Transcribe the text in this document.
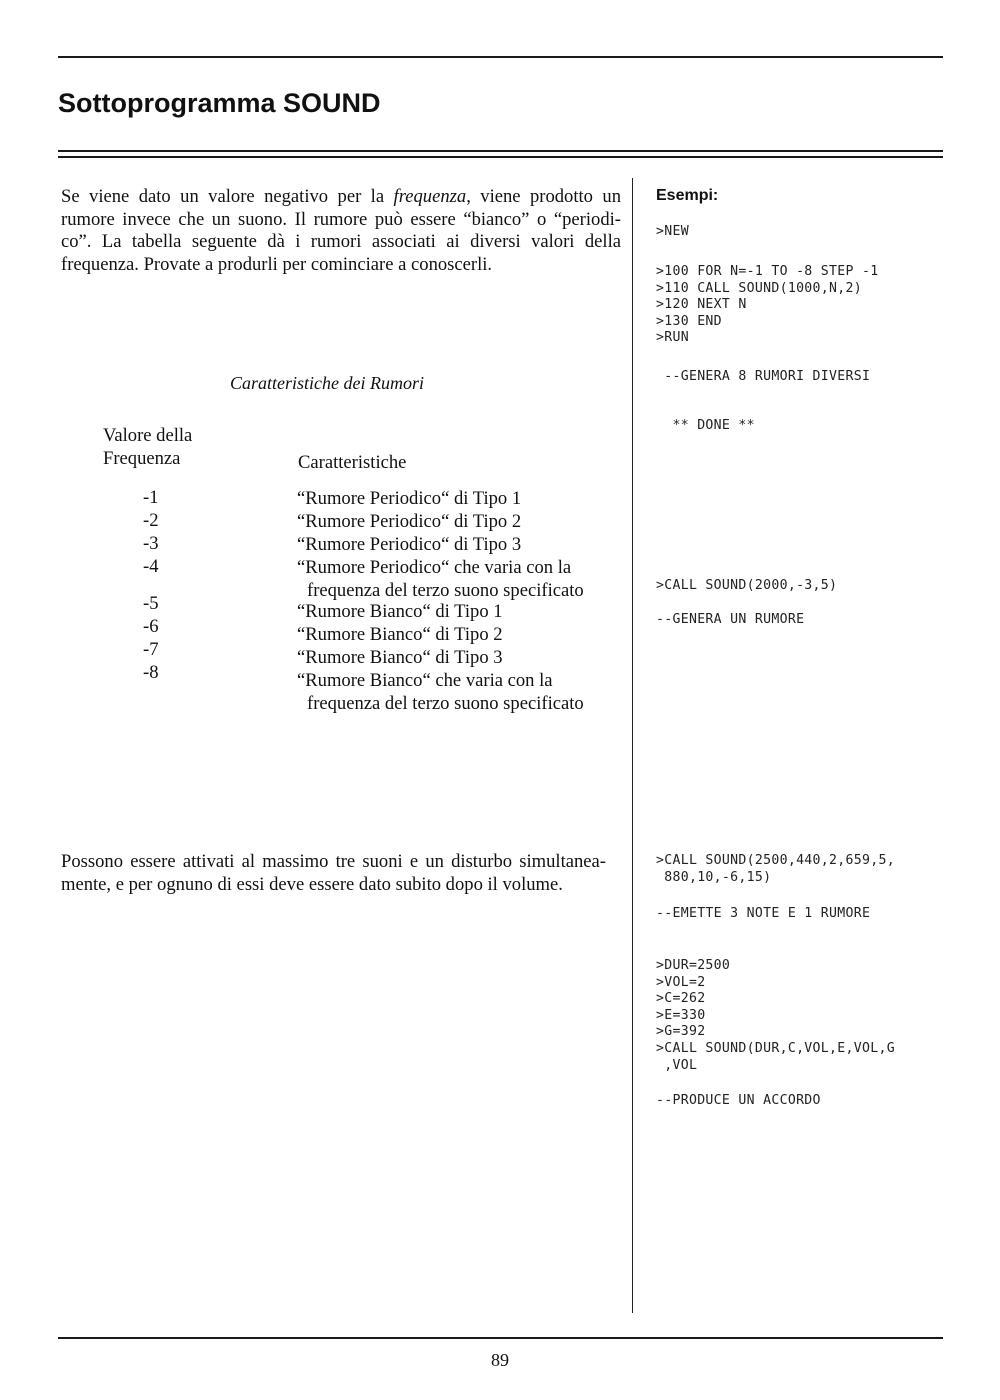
Sottoprogramma SOUND

Se viene dato un valore negativo per la frequenza, viene prodotto un rumore invece che un suono. Il rumore può essere “bianco” o “periodi- co”. La tabella seguente dà i rumori associati ai diversi valori della frequenza. Provate a produrli per cominciare a conoscerli.

Caratteristiche dei Rumori

Valore della
Frequenza	Caratteristiche

-1
-2
-3
-4
-5
-6
-7
-8
“Rumore Periodico“ di Tipo 1
“Rumore Periodico“ di Tipo 2
“Rumore Periodico“ di Tipo 3
“Rumore Periodico“ che varia con la
frequenza del terzo suono specificato
“Rumore Bianco“ di Tipo 1
“Rumore Bianco“ di Tipo 2
“Rumore Bianco“ di Tipo 3
“Rumore Bianco“ che varia con la
frequenza del terzo suono specificato

Possono essere attivati al massimo tre suoni e un disturbo simultanea- mente, e per ognuno di essi deve essere dato subito dopo il volume.

Esempi:
>NEW
>100 FOR N=-1 TO -8 STEP -1
>110 CALL SOUND(1000,N,2)
>120 NEXT N
>130 END
>RUN
--GENERA 8 RUMORI DIVERSI
** DONE **
>CALL SOUND(2000,-3,5)
--GENERA UN RUMORE
>CALL SOUND(2500,440,2,659,5,
880,10,-6,15)
--EMETTE 3 NOTE E 1 RUMORE
>DUR=2500
>VOL=2
>C=262
>E=330
>G=392
>CALL SOUND(DUR,C,VOL,E,VOL,G
,VOL
--PRODUCE UN ACCORDO
89
